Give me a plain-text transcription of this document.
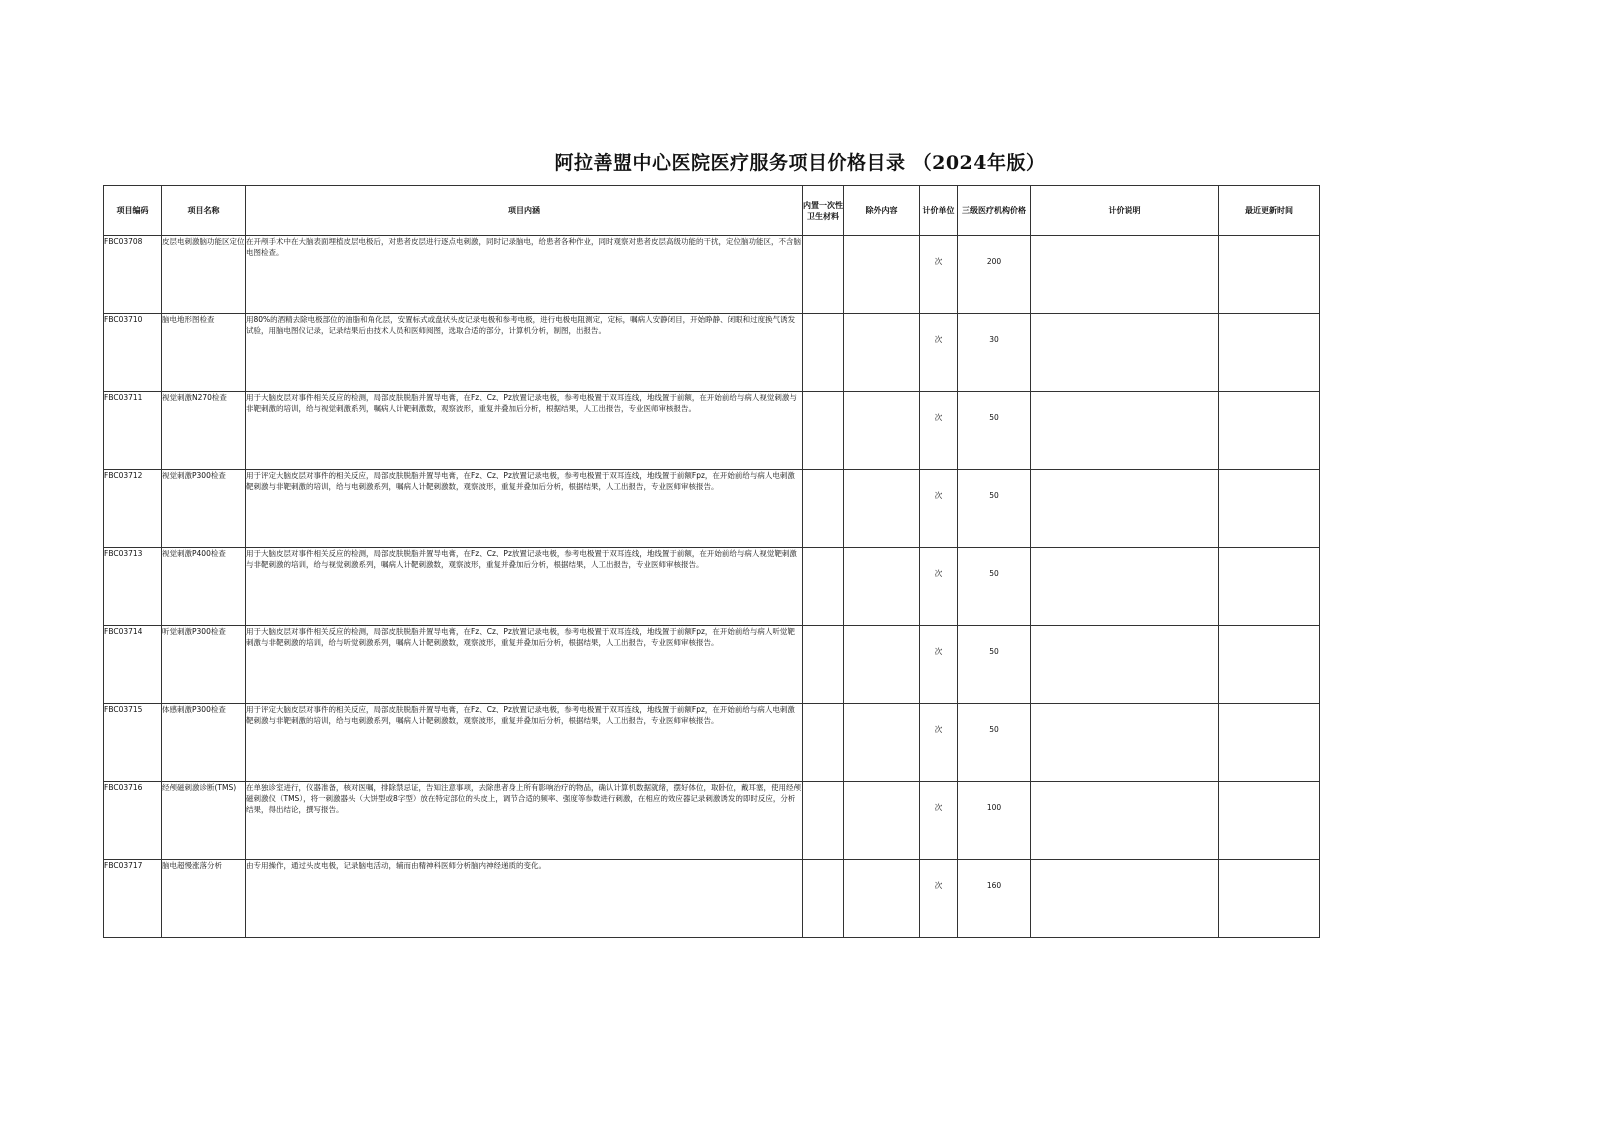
阿拉善盟中心医院医疗服务项目价格目录 （2024年版）
项目编码	项目名称	项目内涵	内置一次性卫生材料	除外内容	计价单位	三级医疗机构价格	计价说明	最近更新时间
FBC03708	皮层电刺激脑功能区定位	在开颅手术中在大脑表面埋植皮层电极后，对患者皮层进行逐点电刺激，同时记录脑电，给患者各种作业，同时观察对患者皮层高级功能的干扰，定位脑功能区，不含脑电图检查。			次	200		
FBC03710	脑电地形图检查	用80%的酒精去除电极部位的油脂和角化层，安置标式或盘状头皮记录电极和参考电极，进行电极电阻测定，定标，嘱病人安静闭目，开始睁静、闭眼和过度换气诱发试验，用脑电图仪记录，记录结果后由技术人员和医师阅图，选取合适的部分，计算机分析，制图，出报告。			次	30		
FBC03711	视觉刺激N270检查	用于大脑皮层对事件相关反应的检测，局部皮肤脱脂并置导电膏，在Fz、Cz、Pz放置记录电极，参考电极置于双耳连线，地线置于前额，在开始前给与病人视觉刺激与非靶刺激的培训，给与视觉刺激系列，嘱病人计靶刺激数，观察波形，重复并叠加后分析，根据结果，人工出报告，专业医师审核报告。			次	50		
FBC03712	视觉刺激P300检查	用于评定大脑皮层对事件的相关反应，局部皮肤脱脂并置导电膏，在Fz、Cz、Pz放置记录电极，参考电极置于双耳连线，地线置于前额Fpz，在开始前给与病人电刺激靶刺激与非靶刺激的培训，给与电刺激系列，嘱病人计靶刺激数，观察波形，重复并叠加后分析，根据结果，人工出报告，专业医师审核报告。			次	50		
FBC03713	视觉刺激P400检查	用于大脑皮层对事件相关反应的检测，局部皮肤脱脂并置导电膏，在Fz、Cz、Pz放置记录电极，参考电极置于双耳连线，地线置于前额，在开始前给与病人视觉靶刺激与非靶刺激的培训，给与视觉刺激系列，嘱病人计靶刺激数，观察波形，重复并叠加后分析，根据结果，人工出报告，专业医师审核报告。			次	50		
FBC03714	听觉刺激P300检查	用于大脑皮层对事件相关反应的检测，局部皮肤脱脂并置导电膏，在Fz、Cz、Pz放置记录电极，参考电极置于双耳连线，地线置于前额Fpz，在开始前给与病人听觉靶刺激与非靶刺激的培训，给与听觉刺激系列，嘱病人计靶刺激数，观察波形，重复并叠加后分析，根据结果，人工出报告，专业医师审核报告。			次	50		
FBC03715	体感刺激P300检查	用于评定大脑皮层对事件的相关反应，局部皮肤脱脂并置导电膏，在Fz、Cz、Pz放置记录电极，参考电极置于双耳连线，地线置于前额Fpz，在开始前给与病人电刺激靶刺激与非靶刺激的培训，给与电刺激系列，嘱病人计靶刺激数，观察波形，重复并叠加后分析，根据结果，人工出报告，专业医师审核报告。			次	50		
FBC03716	经颅磁刺激诊断(TMS)	在单独诊室进行，仪器准备，核对医嘱，排除禁忌证，告知注意事项，去除患者身上所有影响治疗的物品，确认计算机数据就绪，摆好体位，取卧位，戴耳塞，使用经颅磁刺激仪（TMS），将一刺激器头（大饼型或8字型）放在特定部位的头皮上，调节合适的频率、强度等参数进行刺激，在相应的效应器记录刺激诱发的即时反应，分析结果，得出结论，撰写报告。			次	100		
FBC03717	脑电超慢涨落分析	由专用操作，通过头皮电极，记录脑电活动，辅而由精神科医师分析脑内神经递质的变化。			次	160		
